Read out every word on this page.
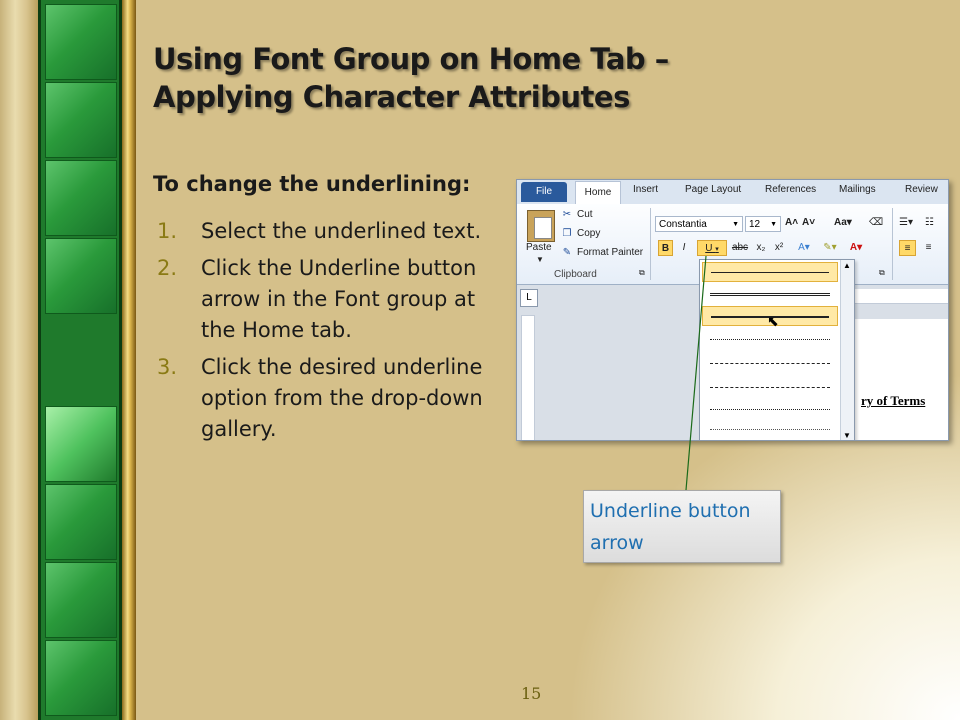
Using Font Group on Home Tab –
Applying Character Attributes
To change the underlining:
1.	Select the underlined text.
2.	Click the Underline button arrow in the Font group at the Home tab.
3.	Click the desired underline option from the drop-down gallery.
File	Home	Insert	Page Layout References Mailings	Review
Paste
▼
✂ Cut
❐ Copy
✎ Format Painter
Clipboard	⧉
Constantia	▼	12 ▼ A˄ A˅ Aa▾ ⌫
B	I	U ▾	abc x₂ x²	A▾	✎▾	A▾
⧉
☰▾ ☷
≡	≡
L
ry of Terms
⬉
▲
▼
Underline button arrow
15
